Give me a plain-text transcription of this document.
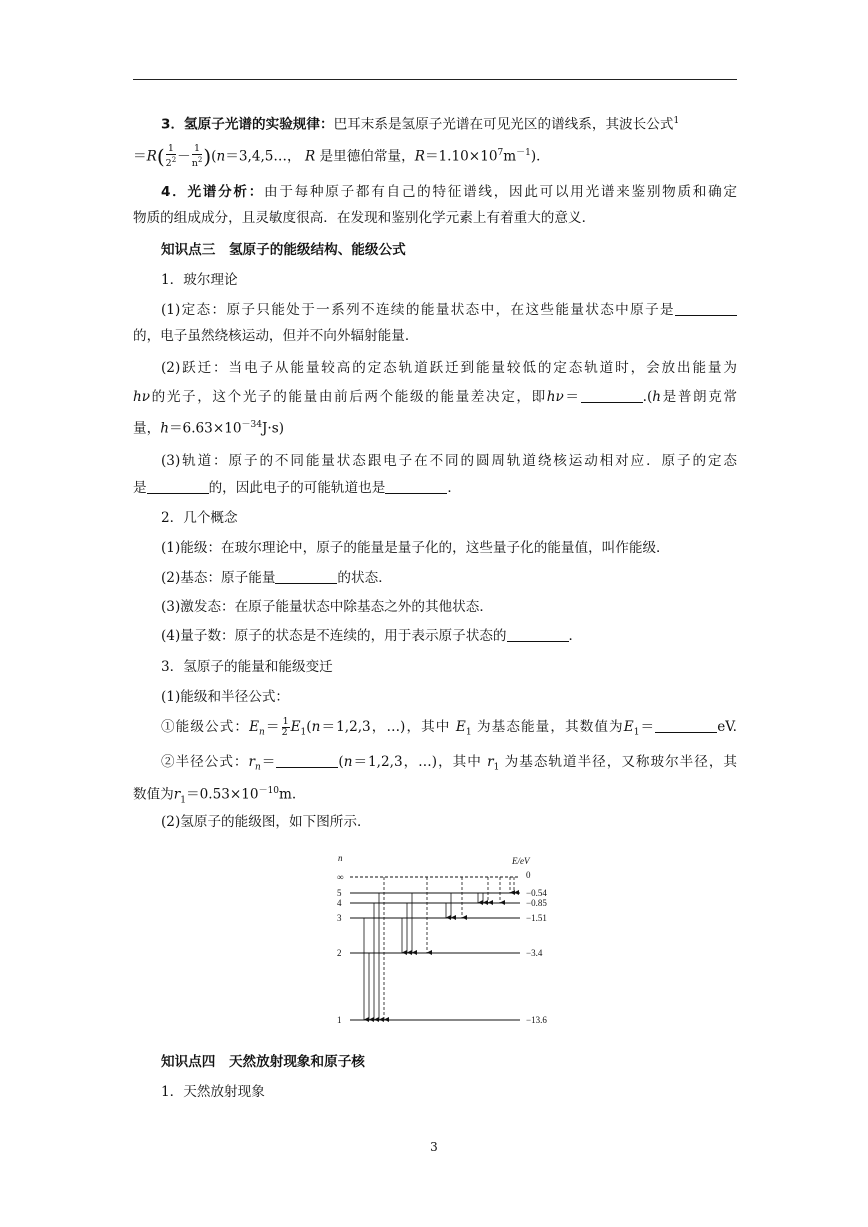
3．氢原子光谱的实验规律：巴耳末系是氢原子光谱在可见光区的谱线系，其波长公式$^1$
$=R( \frac{1}{2^2} - \frac{1}{n^2}$ )(n＝3,4,5…， R 是里德伯常量，$R=1.10\times 10^7m^{-1}$)．
4．光谱分析：由于每种原子都有自己的特征谱线，因此可以用光谱来鉴别物质和确定
物质的组成成分，且灵敏度很高．在发现和鉴别化学元素上有着重大的意义．
知识点三　氢原子的能级结构、能级公式
1．玻尔理论
(1)定态：原子只能处于一系列不连续的能量状态中，在这些能量状态中原子是
的，电子虽然绕核运动，但并不向外辐射能量．
(2)跃迁：当电子从能量较高的定态轨道跃迁到能量较低的定态轨道时，会放出能量为
hν的光子，这个光子的能量由前后两个能级的能量差决定，即hν＝	.(h是普朗克常
量，$h=6.63\times 10^{-34}J\cdot s$)
(3)轨道：原子的不同能量状态跟电子在不同的圆周轨道绕核运动相对应．原子的定态
是	的，因此电子的可能轨道也是	．
2．几个概念
(1)能级：在玻尔理论中，原子的能量是量子化的，这些量子化的能量值，叫作能级．
(2)基态：原子能量	的状态．
(3)激发态：在原子能量状态中除基态之外的其他状态．
(4)量子数：原子的状态是不连续的，用于表示原子状态的	．
3．氢原子的能量和能级变迁
(1)能级和半径公式：
①能级公式：$E_n= \frac{1}{2} E_1(n=1,2,3$，…)，其中 $E_1$ 为基态能量，其数值为$E_1=$	eV.
②半径公式：$r_n=$	(n＝1,2,3，…)，其中 $r_1$ 为基态轨道半径，又称玻尔半径，其
数值为$r_1=0.53\times 10^{-10}m$.
(2)氢原子的能级图，如下图所示．
n	E/eV
∞	0
5	−0.54
4	−0.85
3	−1.51
2	−3.4
1	−13.6
知识点四　天然放射现象和原子核
1．天然放射现象
3
